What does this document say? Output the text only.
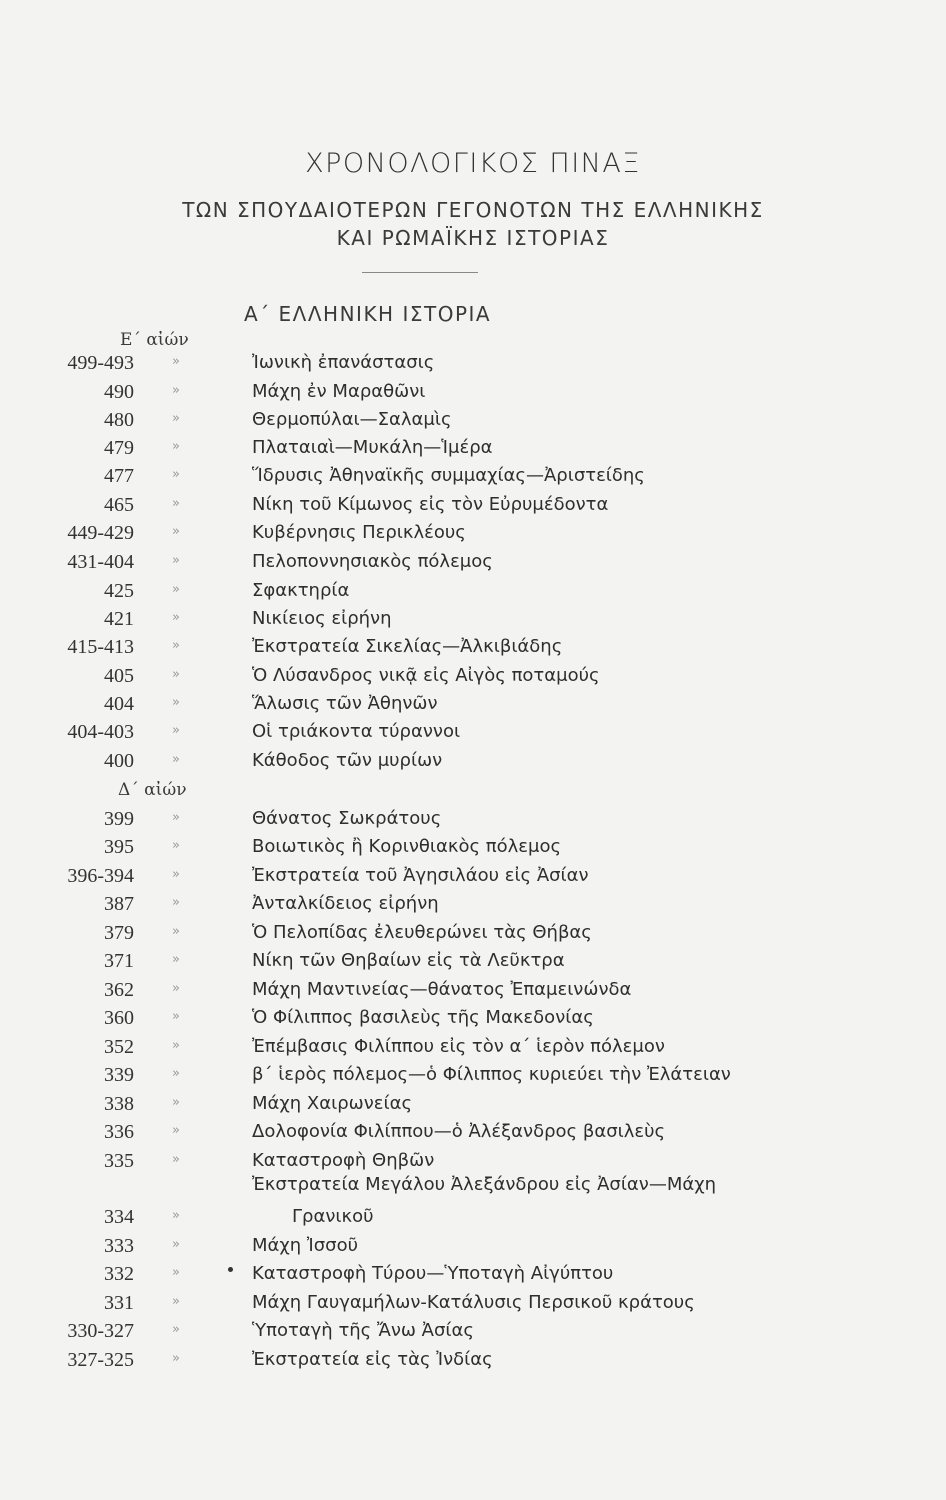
ΧΡΟΝΟΛΟΓΙΚΟΣ ΠΙΝΑΞ
ΤΩΝ ΣΠΟΥΔΑΙΟΤΕΡΩΝ ΓΕΓΟΝΟΤΩΝ ΤΗΣ ΕΛΛΗΝΙΚΗΣ
ΚΑΙ ΡΩΜΑΪΚΗΣ ΙΣΤΟΡΙΑΣ
Α΄ ΕΛΛΗΝΙΚΗ ΙΣΤΟΡΙΑ
Ε΄ αἰών
Δ΄ αἰών
499-493	»	Ἰωνικὴ ἐπανάστασις
490	»	Μάχη ἐν Μαραθῶνι
480	»	Θερμοπύλαι—Σαλαμὶς
479	»	Πλαταιαὶ—Μυκάλη—Ἱμέρα
477	»	Ἵδρυσις Ἀθηναϊκῆς συμμαχίας—Ἀριστείδης
465	»	Νίκη τοῦ Κίμωνος εἰς τὸν Εὐρυμέδοντα
449-429	»	Κυβέρνησις Περικλέους
431-404	»	Πελοποννησιακὸς πόλεμος
425	»	Σφακτηρία
421	»	Νικίειος εἰρήνη
415-413	»	Ἐκστρατεία Σικελίας—Ἀλκιβιάδης
405	»	Ὁ Λύσανδρος νικᾷ εἰς Αἰγὸς ποταμούς
404	»	Ἅλωσις τῶν Ἀθηνῶν
404-403	»	Οἱ τριάκοντα τύραννοι
400	»	Κάθοδος τῶν μυρίων
399	»	Θάνατος Σωκράτους
395	»	Βοιωτικὸς ἢ Κορινθιακὸς πόλεμος
396-394	»	Ἐκστρατεία τοῦ Ἀγησιλάου εἰς Ἀσίαν
387	»	Ἀνταλκίδειος εἰρήνη
379	»	Ὁ Πελοπίδας ἐλευθερώνει τὰς Θήβας
371	»	Νίκη τῶν Θηβαίων εἰς τὰ Λεῦκτρα
362	»	Μάχη Μαντινείας—θάνατος Ἐπαμεινώνδα
360	»	Ὁ Φίλιππος βασιλεὺς τῆς Μακεδονίας
352	»	Ἐπέμβασις Φιλίππου εἰς τὸν α΄ ἱερὸν πόλεμον
339	»	β΄ ἱερὸς πόλεμος—ὁ Φίλιππος κυριεύει τὴν Ἐλάτειαν
338	»	Μάχη Χαιρωνείας
336	»	Δολοφονία Φιλίππου—ὁ Ἀλέξανδρος βασιλεὺς
335	»	Καταστροφὴ Θηβῶν
Ἐκστρατεία Μεγάλου Ἀλεξάνδρου εἰς Ἀσίαν—Μάχη
334	»	Γρανικοῦ
333	»	Μάχη Ἰσσοῦ
332	»	Καταστροφὴ Τύρου—Ὑποταγὴ Αἰγύπτου
331	»	Μάχη Γαυγαμήλων-Κατάλυσις Περσικοῦ κράτους
330-327	»	Ὑποταγὴ τῆς Ἄνω Ἀσίας
327-325	»	Ἐκστρατεία εἰς τὰς Ἰνδίας
